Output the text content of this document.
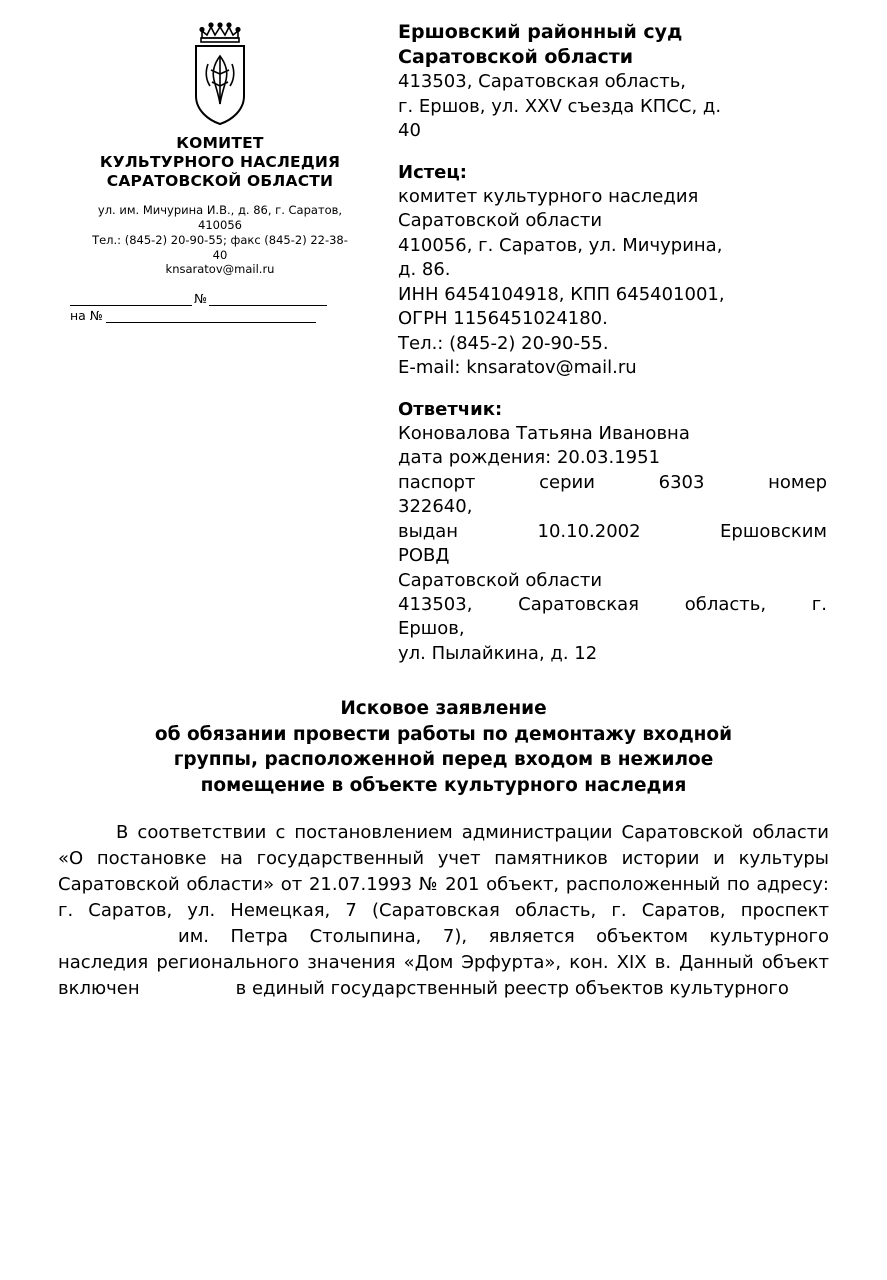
КОМИТЕТ
КУЛЬТУРНОГО НАСЛЕДИЯ
САРАТОВСКОЙ ОБЛАСТИ
ул. им. Мичурина И.В., д. 86, г. Саратов,
410056
Тел.: (845-2) 20-90-55; факс (845-2) 22-38-
40
knsaratov@mail.ru
№
на №
Ершовский районный суд
Саратовской области
413503, Саратовская область,
г. Ершов, ул. XXV съезда КПСС, д.
40
Истец:
комитет культурного наследия
Саратовской области
410056, г. Саратов, ул. Мичурина,
д. 86.
ИНН 6454104918, КПП 645401001,
ОГРН 1156451024180.
Тел.: (845-2) 20-90-55.
E-mail: knsaratov@mail.ru
Ответчик:
Коновалова Татьяна Ивановна
дата рождения: 20.03.1951
паспорт серии 6303 номер
322640,
выдан 10.10.2002 Ершовским
РОВД
Саратовской области
413503, Саратовская область, г.
Ершов,
ул. Пылайкина, д. 12
Исковое заявление
об обязании провести работы по демонтажу входной
группы, расположенной перед входом в нежилое
помещение в объекте культурного наследия
В соответствии с постановлением администрации Саратовской области «О постановке на государственный учет памятников истории и культуры Саратовской области» от 21.07.1993 № 201 объект, расположенный по адресу: г. Саратов, ул. Немецкая, 7 (Саратовская область, г. Саратов, проспектим. Петра Столыпина, 7), является объектом культурного наследия регионального значения «Дом Эрфурта», кон. XIX в. Данный объект включен	в единый государственный реестр объектов культурного
